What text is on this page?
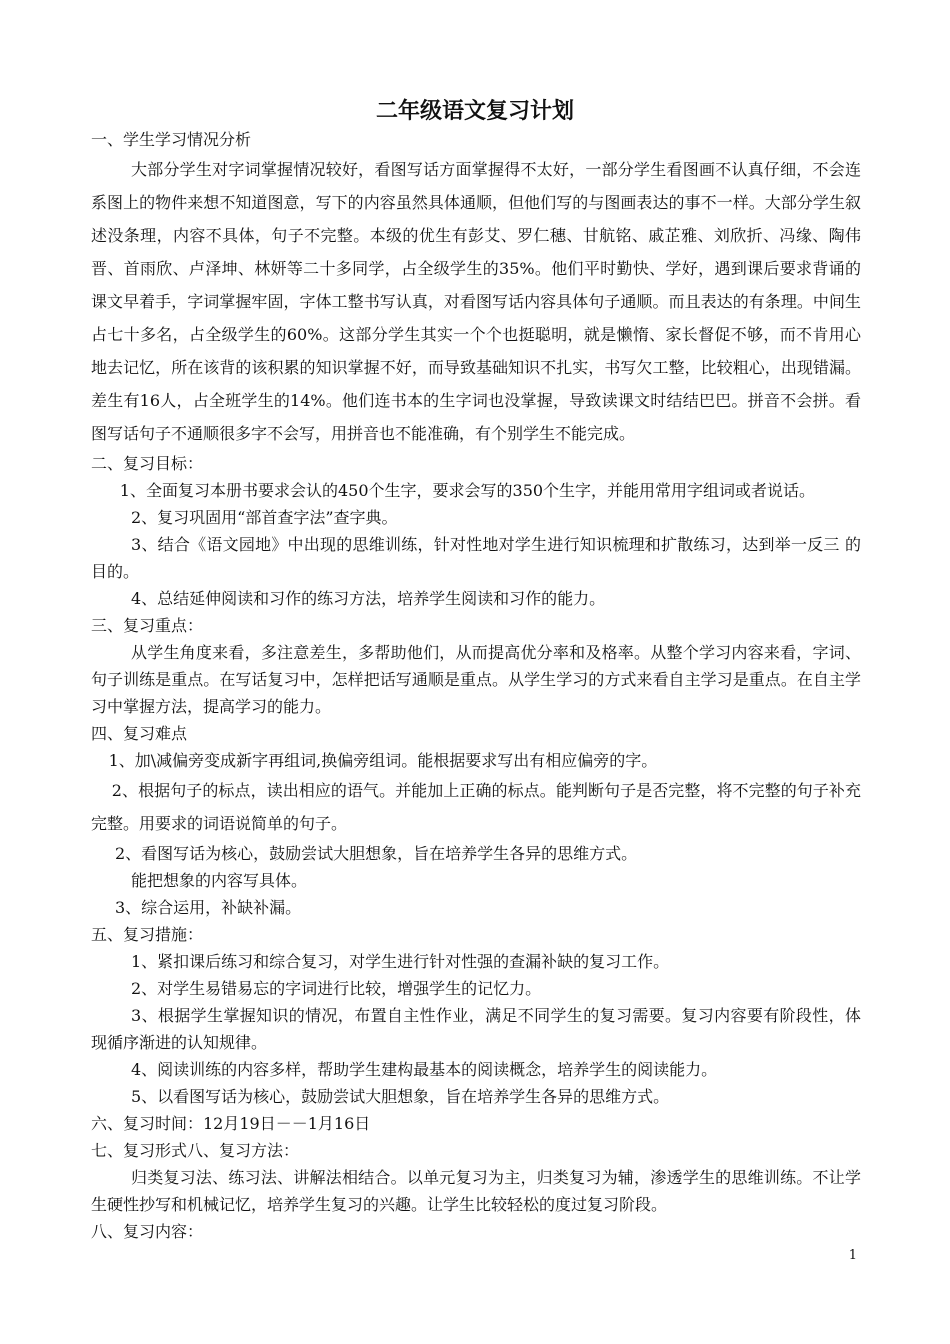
二年级语文复习计划

一、学生学习情况分析

大部分学生对字词掌握情况较好，看图写话方面掌握得不太好，一部分学生看图画不认真仔细，不会连系图上的物件来想不知道图意，写下的内容虽然具体通顺，但他们写的与图画表达的事不一样。大部分学生叙述没条理，内容不具体，句子不完整。本级的优生有彭艾、罗仁穗、甘航铭、戚芷雅、刘欣折、冯缘、陶伟晋、首雨欣、卢泽坤、林妍等二十多同学，占全级学生的35%。他们平时勤快、学好，遇到课后要求背诵的课文早着手，字词掌握牢固，字体工整书写认真，对看图写话内容具体句子通顺。而且表达的有条理。中间生占七十多名，占全级学生的60%。这部分学生其实一个个也挺聪明，就是懒惰、家长督促不够，而不肯用心地去记忆，所在该背的该积累的知识掌握不好，而导致基础知识不扎实，书写欠工整，比较粗心，出现错漏。差生有16人，占全班学生的14%。他们连书本的生字词也没掌握，导致读课文时结结巴巴。拼音不会拼。看图写话句子不通顺很多字不会写，用拼音也不能准确，有个别学生不能完成。

二、复习目标：

1、全面复习本册书要求会认的450个生字，要求会写的350个生字，并能用常用字组词或者说话。

2、复习巩固用“部首查字法”查字典。

3、结合《语文园地》中出现的思维训练，针对性地对学生进行知识梳理和扩散练习，达到举一反三 的目的。

4、总结延伸阅读和习作的练习方法，培养学生阅读和习作的能力。

三、复习重点：

从学生角度来看，多注意差生，多帮助他们，从而提高优分率和及格率。从整个学习内容来看，字词、句子训练是重点。在写话复习中，怎样把话写通顺是重点。从学生学习的方式来看自主学习是重点。在自主学习中掌握方法，提高学习的能力。

四、复习难点

1、加\减偏旁变成新字再组词,换偏旁组词。能根据要求写出有相应偏旁的字。

2、根据句子的标点，读出相应的语气。并能加上正确的标点。能判断句子是否完整，将不完整的句子补充完整。用要求的词语说简单的句子。

2、看图写话为核心，鼓励尝试大胆想象，旨在培养学生各异的思维方式。

能把想象的内容写具体。

3、综合运用，补缺补漏。

五、复习措施：

1、紧扣课后练习和综合复习，对学生进行针对性强的查漏补缺的复习工作。

2、对学生易错易忘的字词进行比较，增强学生的记忆力。

3、根据学生掌握知识的情况，布置自主性作业，满足不同学生的复习需要。复习内容要有阶段性，体现循序渐进的认知规律。

4、阅读训练的内容多样，帮助学生建构最基本的阅读概念，培养学生的阅读能力。

5、以看图写话为核心，鼓励尝试大胆想象，旨在培养学生各异的思维方式。

六、复习时间：12月19日－－1月16日

七、复习形式八、复习方法：

归类复习法、练习法、讲解法相结合。以单元复习为主，归类复习为辅，渗透学生的思维训练。不让学生硬性抄写和机械记忆，培养学生复习的兴趣。让学生比较轻松的度过复习阶段。

八、复习内容：

1
